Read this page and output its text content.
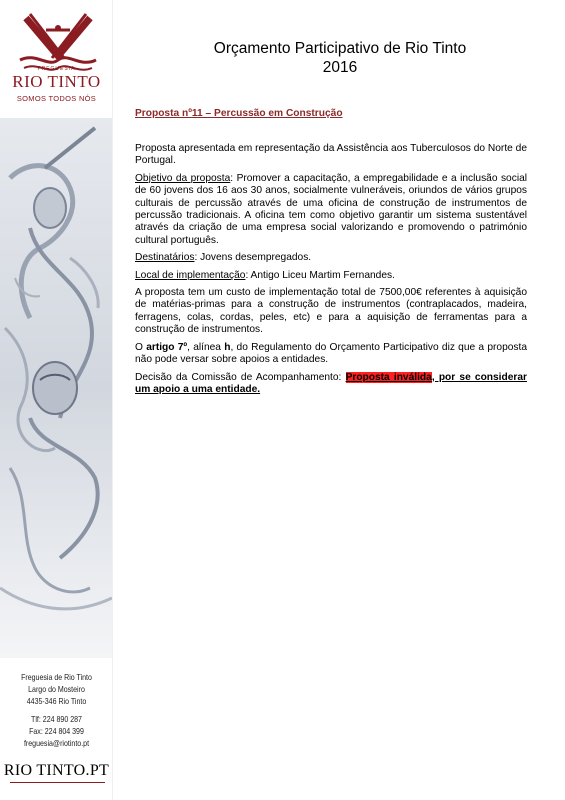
FREGUESIA
RIO TINTO
SOMOS TODOS NÓS
Freguesia de Rio Tinto
Largo do Mosteiro
4435-346 Rio Tinto
Tlf: 224 890 287
Fax: 224 804 399
freguesia@riotinto.pt
RIO TINTO.PT
Orçamento Participativo de Rio Tinto
2016
Proposta nº11 – Percussão em Construção

Proposta apresentada em representação da Assistência aos Tuberculosos do Norte de Portugal.

Objetivo da proposta: Promover a capacitação, a empregabilidade e a inclusão social de 60 jovens dos 16 aos 30 anos, socialmente vulneráveis, oriundos de vários grupos culturais de percussão através de uma oficina de construção de instrumentos de percussão tradicionais. A oficina tem como objetivo garantir um sistema sustentável através da criação de uma empresa social valorizando e promovendo o património cultural português.

Destinatários: Jovens desempregados.

Local de implementação: Antigo Liceu Martim Fernandes.

A proposta tem um custo de implementação total de 7500,00€ referentes à aquisição de matérias-primas para a construção de instrumentos (contraplacados, madeira, ferragens, colas, cordas, peles, etc) e para a aquisição de ferramentas para a construção de instrumentos.

O artigo 7º, alínea h, do Regulamento do Orçamento Participativo diz que a proposta não pode versar sobre apoios a entidades.

Decisão da Comissão de Acompanhamento: Proposta inválida, por se considerar um apoio a uma entidade.
